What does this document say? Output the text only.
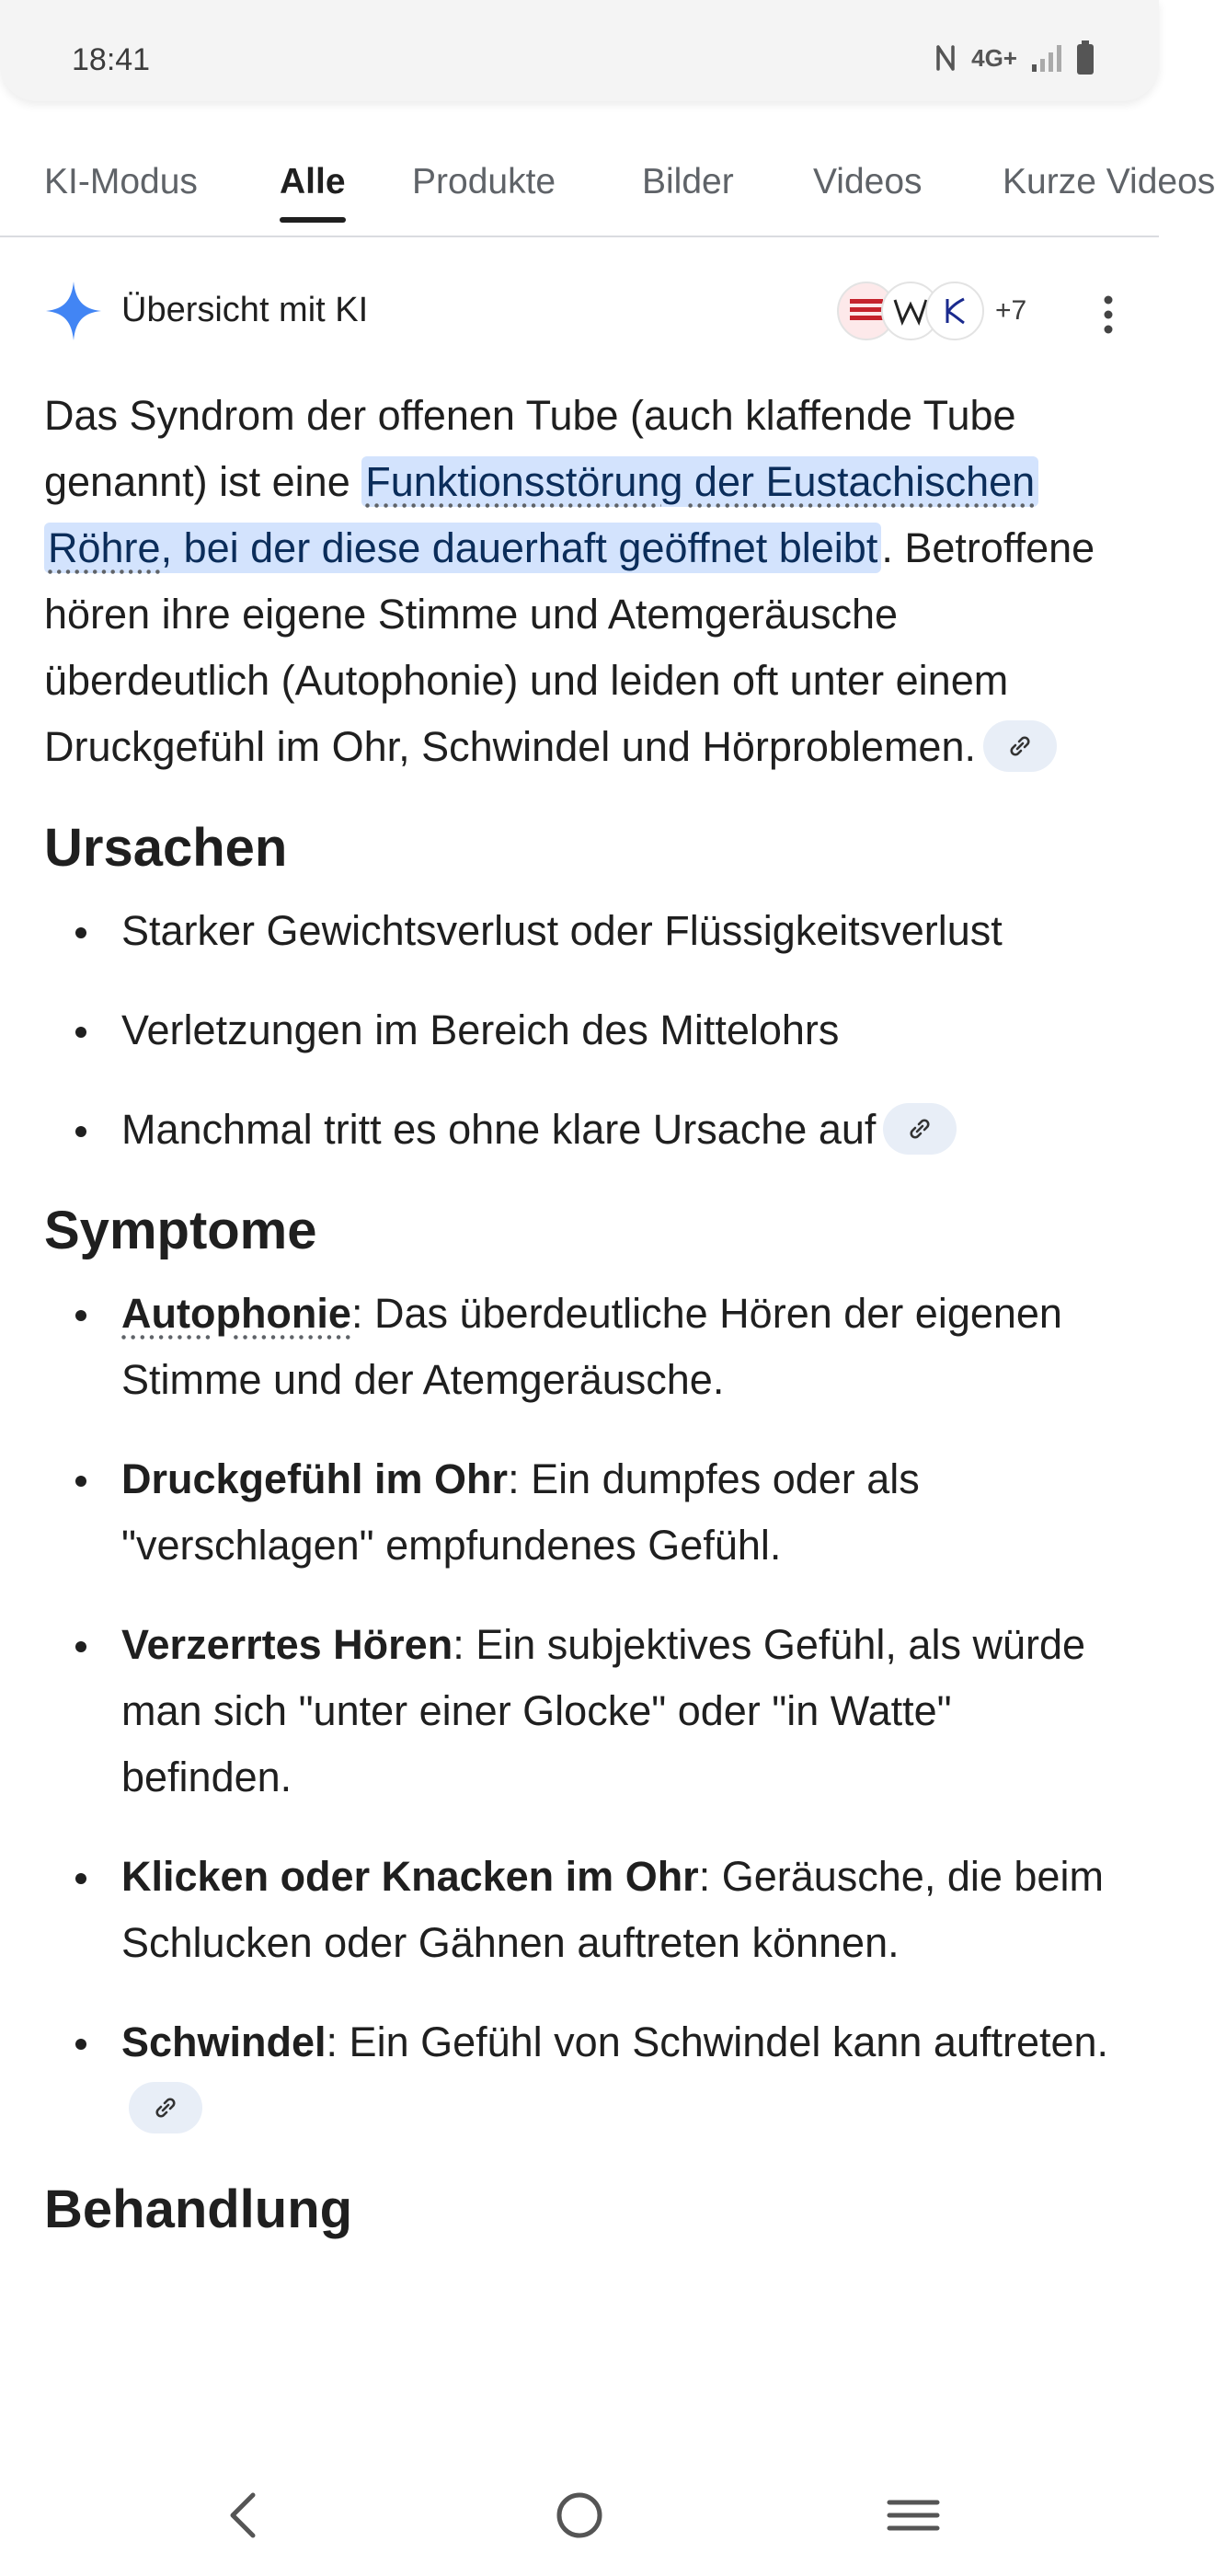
18:41	4G+
KI-Modus Alle Produkte Bilder Videos Kurze Videos
Übersicht mit KI	+7

Das Syndrom der offenen Tube (auch klaffende Tube genannt) ist eine Funktionsstörung der Eustachischen Röhre, bei der diese dauerhaft geöffnet bleibt. Betroffene hören ihre eigene Stimme und Atemgeräusche überdeutlich (Autophonie) und leiden oft unter einem Druckgefühl im Ohr, Schwindel und Hörproblemen.

Ursachen
Starker Gewichtsverlust oder Flüssigkeitsverlust
Verletzungen im Bereich des Mittelohrs
Manchmal tritt es ohne klare Ursache auf
Symptome
Autophonie: Das überdeutliche Hören der eigenen Stimme und der Atemgeräusche.
Druckgefühl im Ohr: Ein dumpfes oder als "verschlagen" empfundenes Gefühl.
Verzerrtes Hören: Ein subjektives Gefühl, als würde man sich "unter einer Glocke" oder "in Watte" befinden.
Klicken oder Knacken im Ohr: Geräusche, die beim Schlucken oder Gähnen auftreten können.
Schwindel: Ein Gefühl von Schwindel kann auftreten.
Behandlung
